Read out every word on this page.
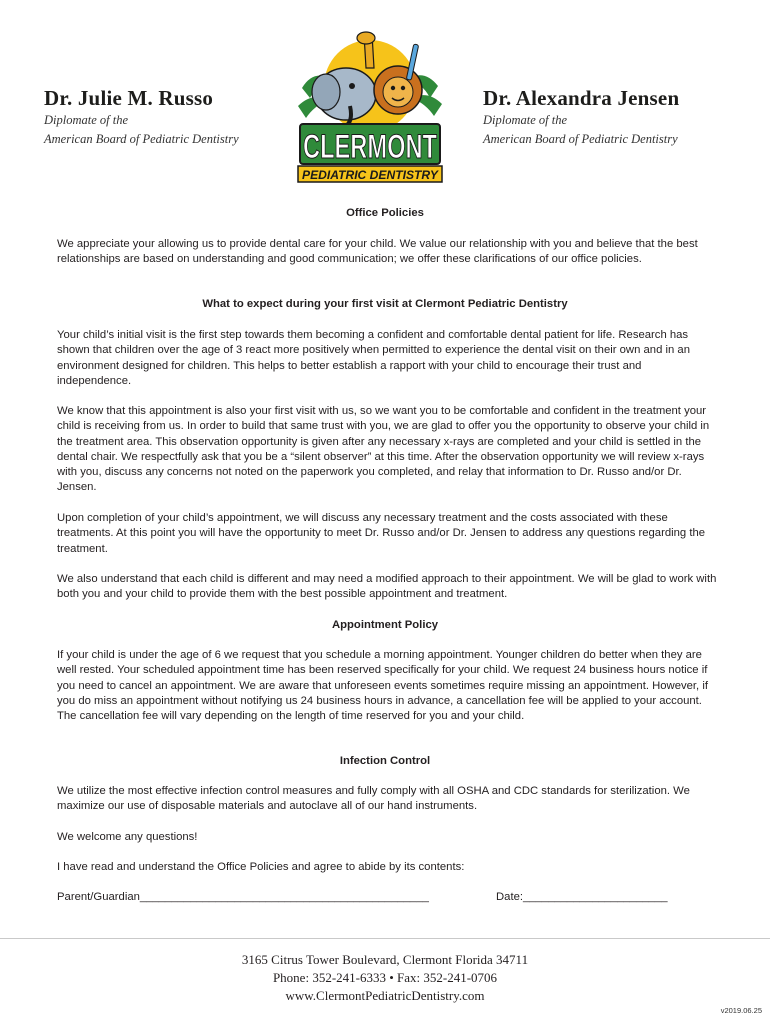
Dr. Julie M. Russo
Diplomate of the
American Board of Pediatric Dentistry
Dr. Alexandra Jensen
Diplomate of the
American Board of Pediatric Dentistry
CLERMONT
PEDIATRIC DENTISTRY
Office Policies
We appreciate your allowing us to provide dental care for your child. We value our relationship with you and believe that the best relationships are based on understanding and good communication; we offer these clarifications of our office policies.
What to expect during your first visit at Clermont Pediatric Dentistry
Your child’s initial visit is the first step towards them becoming a confident and comfortable dental patient for life. Research has shown that children over the age of 3 react more positively when permitted to experience the dental visit on their own and in an environment designed for children. This helps to better establish a rapport with your child to encourage their trust and independence.
We know that this appointment is also your first visit with us, so we want you to be comfortable and confident in the treatment your child is receiving from us. In order to build that same trust with you, we are glad to offer you the opportunity to observe your child in the treatment area. This observation opportunity is given after any necessary x-rays are completed and your child is settled in the dental chair. We respectfully ask that you be a “silent observer” at this time. After the observation opportunity we will review x-rays with you, discuss any concerns not noted on the paperwork you completed, and relay that information to Dr. Russo and/or Dr. Jensen.
Upon completion of your child’s appointment, we will discuss any necessary treatment and the costs associated with these treatments. At this point you will have the opportunity to meet Dr. Russo and/or Dr. Jensen to address any questions regarding the treatment.
We also understand that each child is different and may need a modified approach to their appointment. We will be glad to work with both you and your child to provide them with the best possible appointment and treatment.
Appointment Policy
If your child is under the age of 6 we request that you schedule a morning appointment. Younger children do better when they are well rested. Your scheduled appointment time has been reserved specifically for your child. We request 24 business hours notice if you need to cancel an appointment. We are aware that unforeseen events sometimes require missing an appointment. However, if you do miss an appointment without notifying us 24 business hours in advance, a cancellation fee will be applied to your account. The cancellation fee will vary depending on the length of time reserved for you and your child.
Infection Control
We utilize the most effective infection control measures and fully comply with all OSHA and CDC standards for sterilization. We maximize our use of disposable materials and autoclave all of our hand instruments.
We welcome any questions!
I have read and understand the Office Policies and agree to abide by its contents:
Parent/Guardian______________________________________________	Date:_______________________
3165 Citrus Tower Boulevard, Clermont Florida 34711
Phone: 352-241-6333 • Fax: 352-241-0706
www.ClermontPediatricDentistry.com
v2019.06.25
